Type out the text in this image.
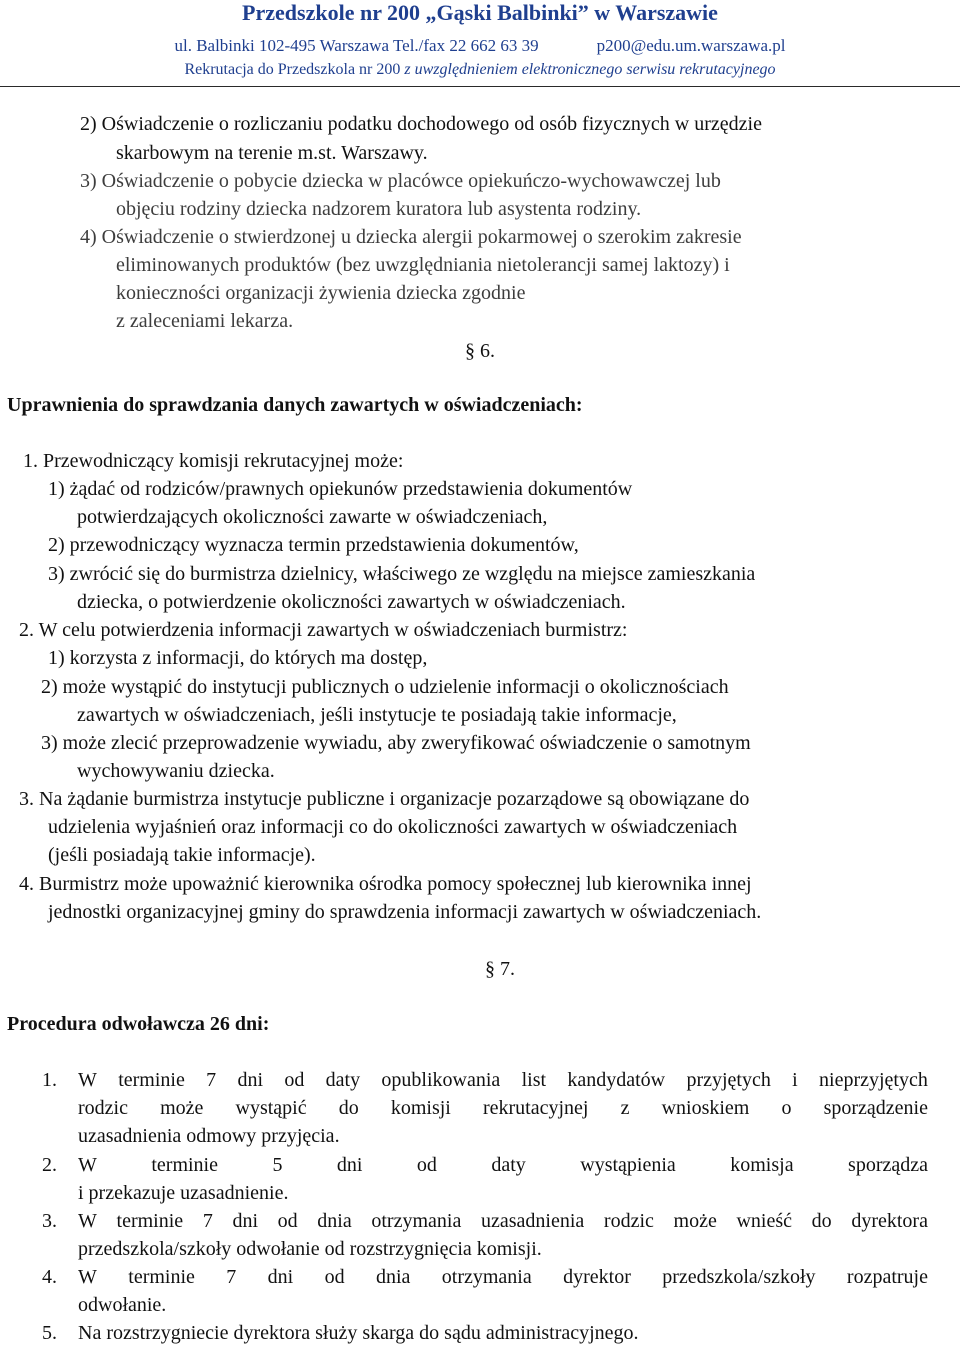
Przedszkole nr 200 „Gąski Balbinki” w Warszawie
ul. Balbinki 102-495 Warszawa Tel./fax 22 662 63 39	p200@edu.um.warszawa.pl
Rekrutacja do Przedszkola nr 200 z uwzględnieniem elektronicznego serwisu rekrutacyjnego
2) Oświadczenie o rozliczaniu podatku dochodowego od osób fizycznych w urzędzie
skarbowym na terenie m.st. Warszawy.
3) Oświadczenie o pobycie dziecka w placówce opiekuńczo-wychowawczej lub
objęciu rodziny dziecka nadzorem kuratora lub asystenta rodziny.
4) Oświadczenie o stwierdzonej u dziecka alergii pokarmowej o szerokim zakresie
eliminowanych produktów (bez uwzględniania nietolerancji samej laktozy) i
konieczności organizacji żywienia dziecka zgodnie
z zaleceniami lekarza.
§ 6.
Uprawnienia do sprawdzania danych zawartych w oświadczeniach:
1. Przewodniczący komisji rekrutacyjnej może:
1) żądać od rodziców/prawnych opiekunów przedstawienia dokumentów
potwierdzających okoliczności zawarte w oświadczeniach,
2) przewodniczący wyznacza termin przedstawienia dokumentów,
3) zwrócić się do burmistrza dzielnicy, właściwego ze względu na miejsce zamieszkania
dziecka, o potwierdzenie okoliczności zawartych w oświadczeniach.
2. W celu potwierdzenia informacji zawartych w oświadczeniach burmistrz:
1) korzysta z informacji, do których ma dostęp,
2) może wystąpić do instytucji publicznych o udzielenie informacji o okolicznościach
zawartych w oświadczeniach, jeśli instytucje te posiadają takie informacje,
3) może zlecić przeprowadzenie wywiadu, aby zweryfikować oświadczenie o samotnym
wychowywaniu dziecka.
3. Na żądanie burmistrza instytucje publiczne i organizacje pozarządowe są obowiązane do
udzielenia wyjaśnień oraz informacji co do okoliczności zawartych w oświadczeniach
(jeśli posiadają takie informacje).
4. Burmistrz może upoważnić kierownika ośrodka pomocy społecznej lub kierownika innej
jednostki organizacyjnej gminy do sprawdzenia informacji zawartych w oświadczeniach.
§ 7.
Procedura odwoławcza 26 dni:
1. W terminie 7 dni od daty opublikowania list kandydatów przyjętych i nieprzyjętych
rodzic może wystąpić do komisji rekrutacyjnej z wnioskiem o sporządzenie
uzasadnienia odmowy przyjęcia.
2. W	terminie	5	dni	od	daty	wystąpienia	komisja	sporządza
i przekazuje uzasadnienie.
3. W terminie 7 dni od dnia otrzymania uzasadnienia rodzic może wnieść do dyrektora
przedszkola/szkoły odwołanie od rozstrzygnięcia komisji.
4. W terminie 7 dni od dnia otrzymania dyrektor przedszkola/szkoły rozpatruje
odwołanie.
5. Na rozstrzygniecie dyrektora służy skarga do sądu administracyjnego.
